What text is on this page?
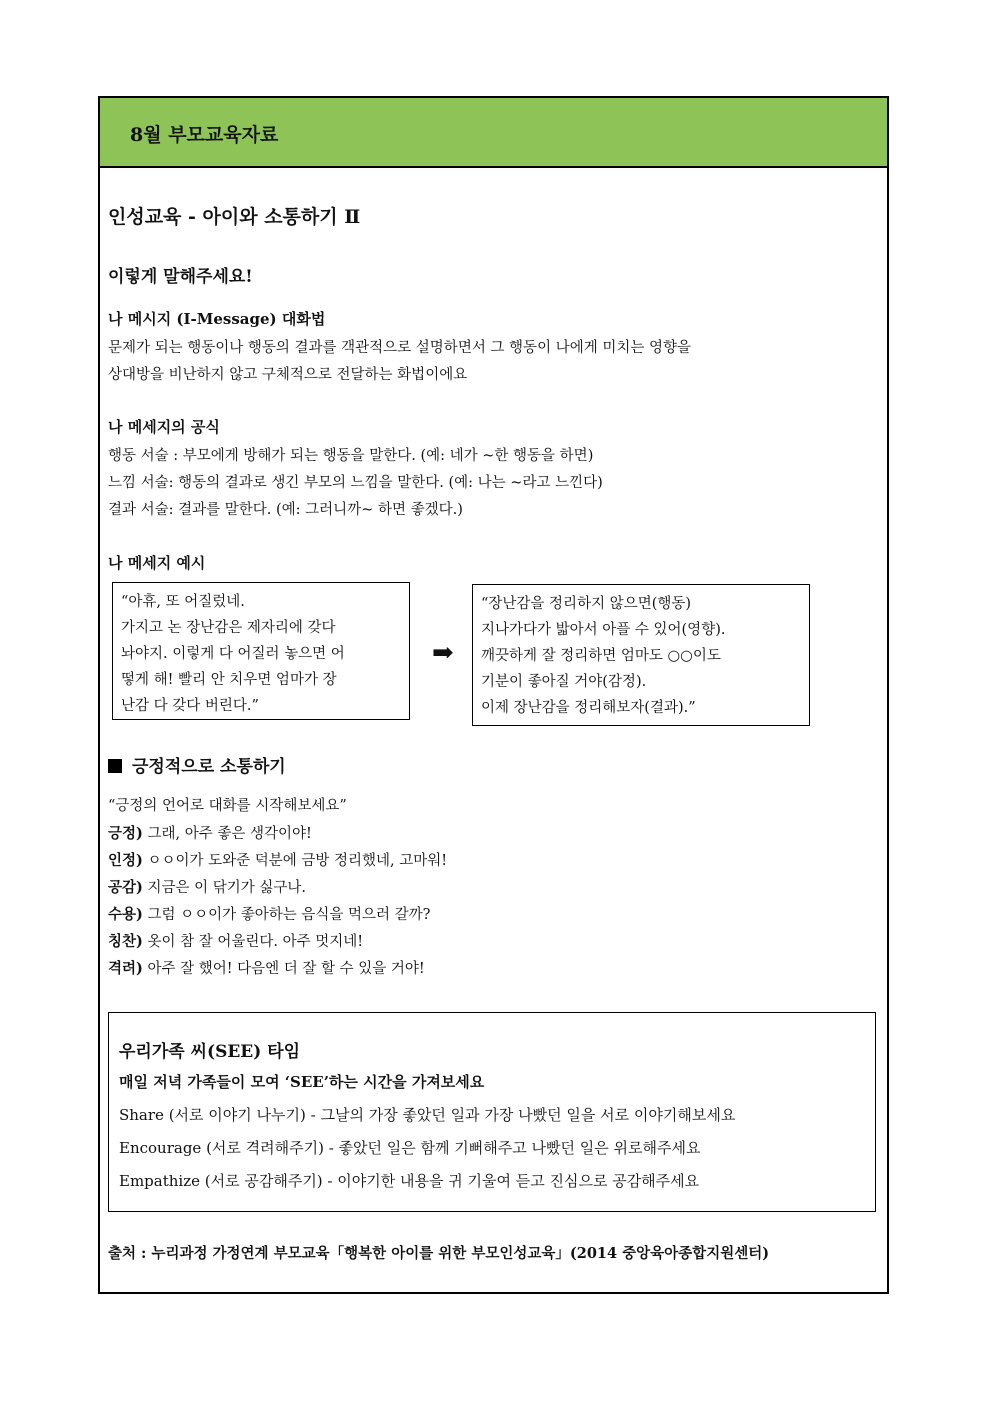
8월 부모교육자료
인성교육 - 아이와 소통하기 Ⅱ
이렇게 말해주세요!
나 메시지 (I-Message) 대화법
문제가 되는 행동이나 행동의 결과를 객관적으로 설명하면서 그 행동이 나에게 미치는 영향을
상대방을 비난하지 않고 구체적으로 전달하는 화법이에요
나 메세지의 공식
행동 서술 : 부모에게 방해가 되는 행동을 말한다. (예: 네가 ~한 행동을 하면)
느낌 서술: 행동의 결과로 생긴 부모의 느낌을 말한다. (예: 나는 ~라고 느낀다)
결과 서술: 결과를 말한다. (예: 그러니까~ 하면 좋겠다.)
나 메세지 예시
“아휴, 또 어질렀네.
가지고 논 장난감은 제자리에 갖다
놔야지. 이렇게 다 어질러 놓으면 어
떻게 해! 빨리 안 치우면 엄마가 장
난감 다 갖다 버린다.”
➡
“장난감을 정리하지 않으면(행동)
지나가다가 밟아서 아플 수 있어(영향).
깨끗하게 잘 정리하면 엄마도 ○○이도
기분이 좋아질 거야(감정).
이제 장난감을 정리해보자(결과).”
긍정적으로 소통하기
“긍정의 언어로 대화를 시작해보세요”
긍정) 그래, 아주 좋은 생각이야!
인정) ㅇㅇ이가 도와준 덕분에 금방 정리했네, 고마워!
공감) 지금은 이 닦기가 싫구나.
수용) 그럼 ㅇㅇ이가 좋아하는 음식을 먹으러 갈까?
칭찬) 옷이 참 잘 어울린다. 아주 멋지네!
격려) 아주 잘 했어! 다음엔 더 잘 할 수 있을 거야!
우리가족 씨(SEE) 타임
매일 저녁 가족들이 모여 ‘SEE’하는 시간을 가져보세요
Share (서로 이야기 나누기) - 그날의 가장 좋았던 일과 가장 나빴던 일을 서로 이야기해보세요
Encourage (서로 격려해주기) - 좋았던 일은 함께 기뻐해주고 나빴던 일은 위로해주세요
Empathize (서로 공감해주기) - 이야기한 내용을 귀 기울여 듣고 진심으로 공감해주세요
출처 : 누리과정 가정연계 부모교육「행복한 아이를 위한 부모인성교육」(2014 중앙육아종합지원센터)
